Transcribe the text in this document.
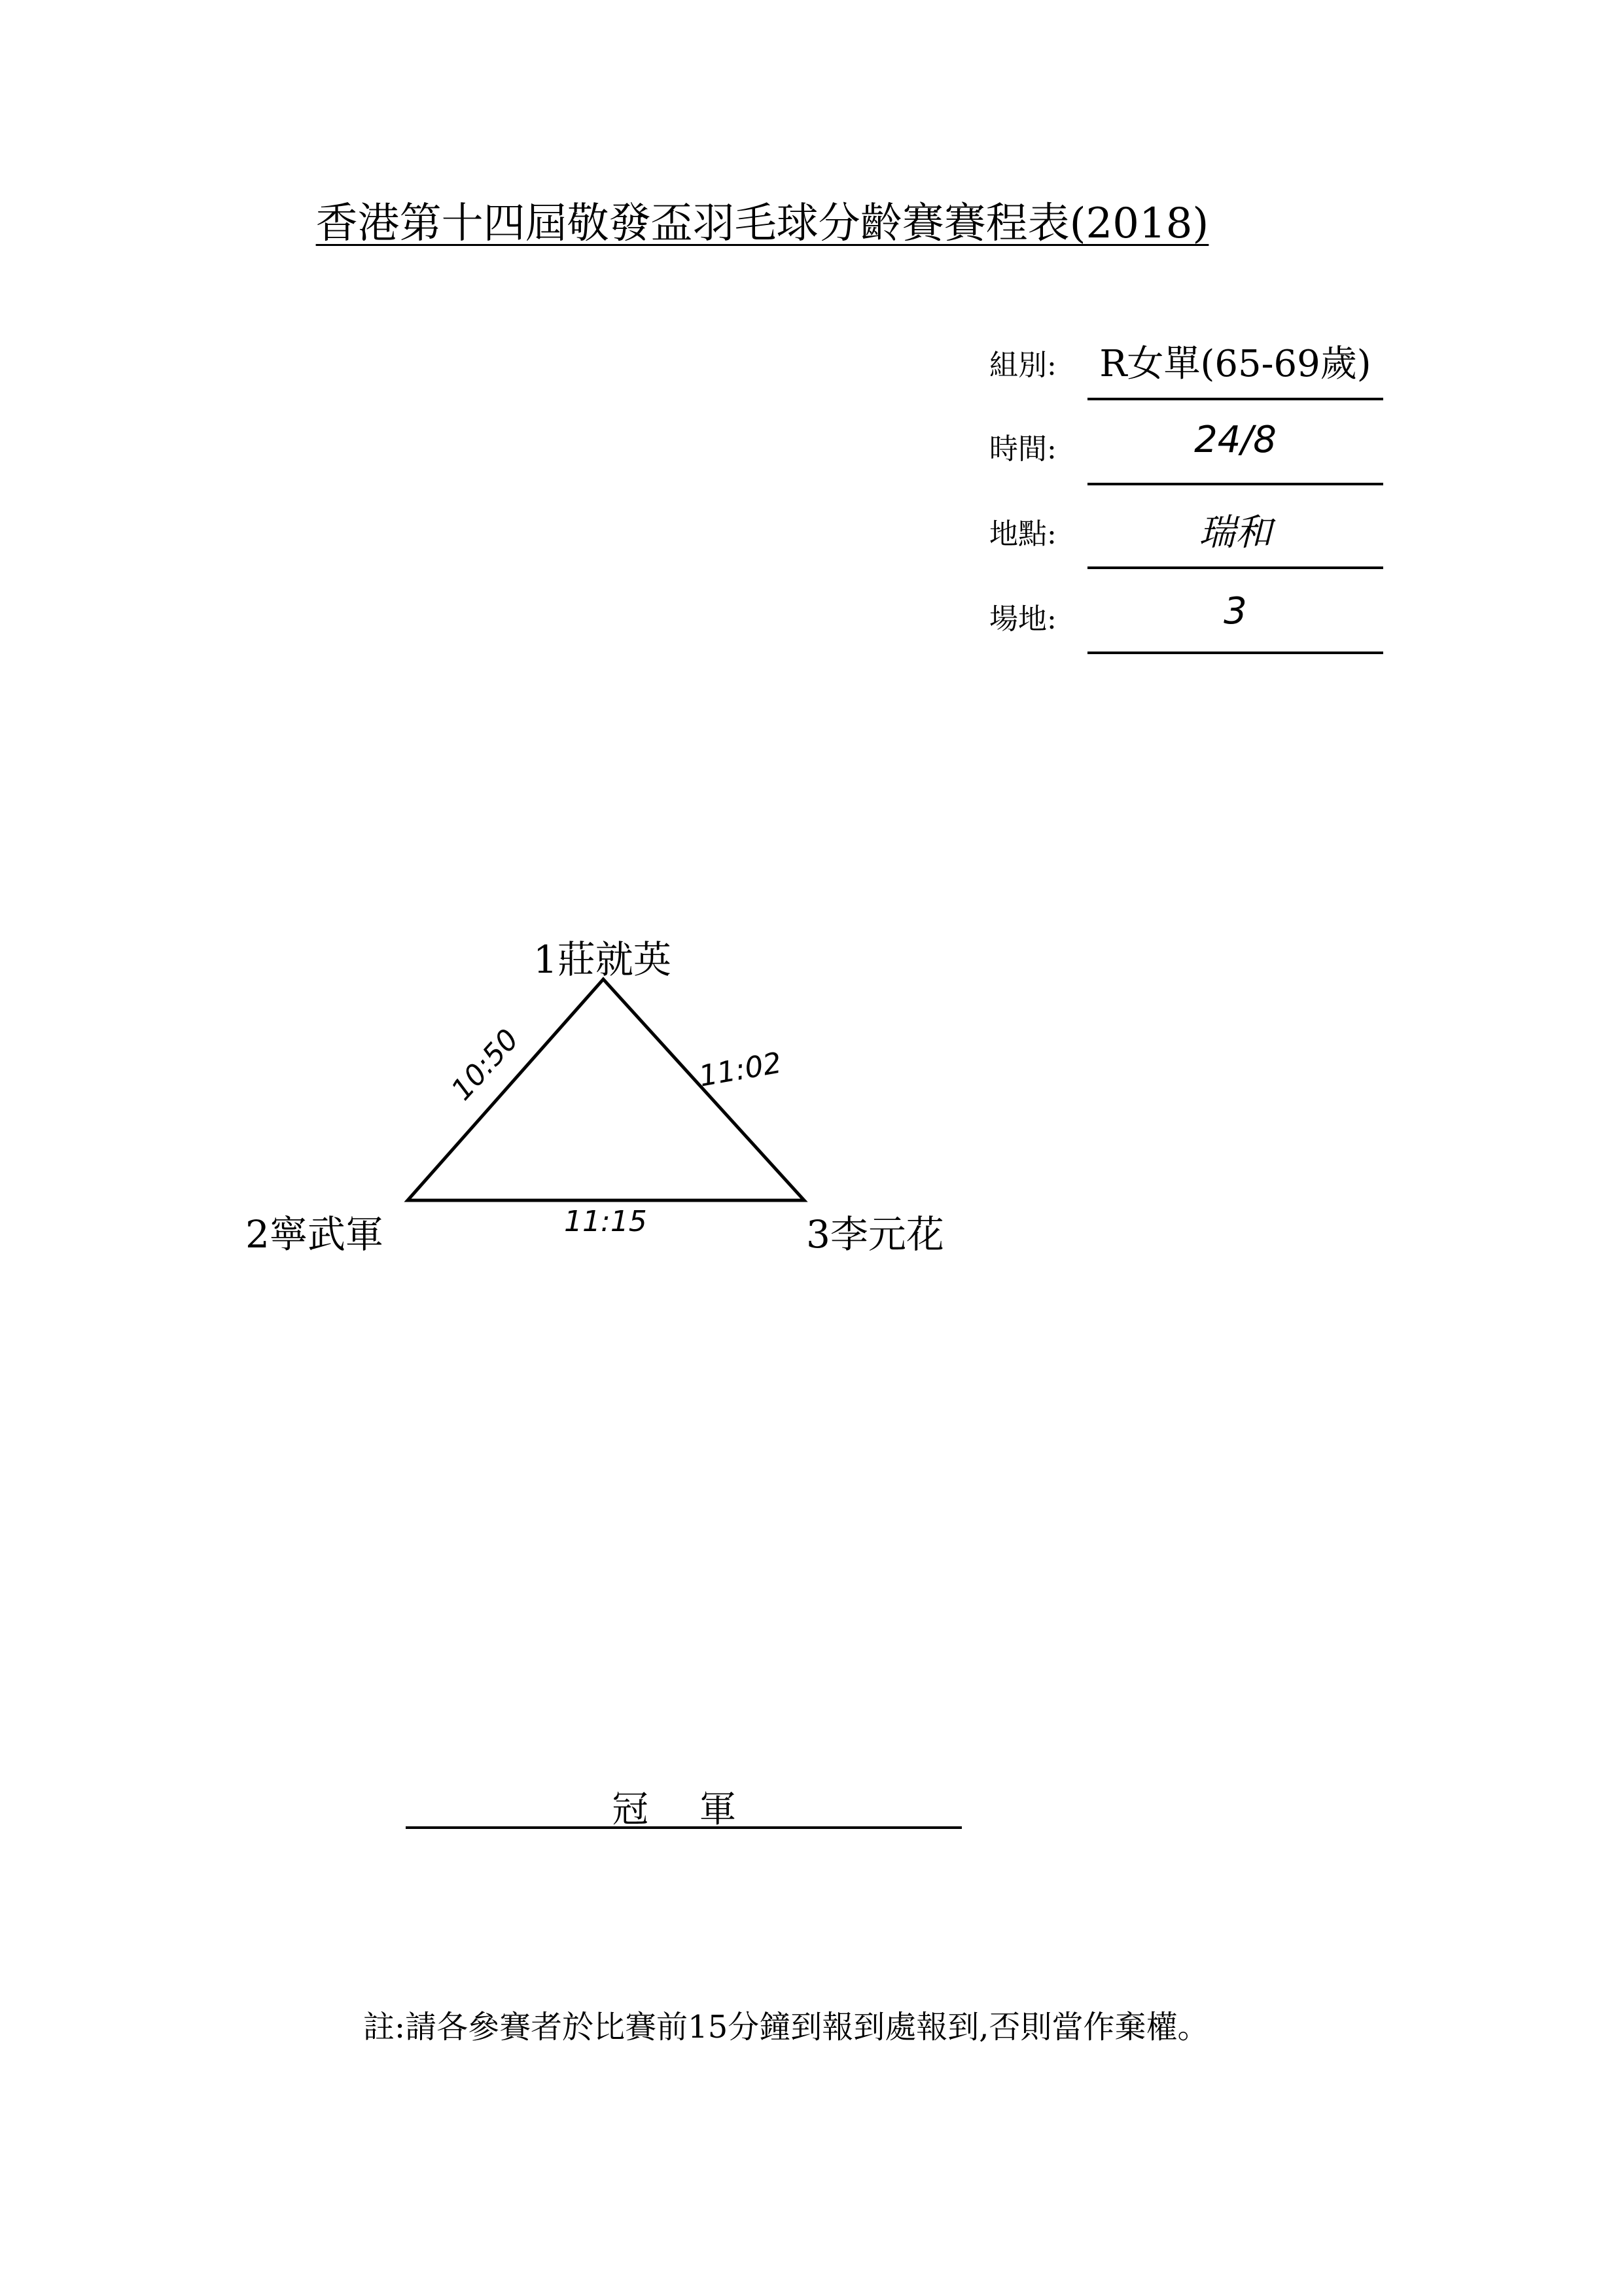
香港第十四屆敬發盃羽毛球分齡賽賽程表(2018)
組別:	R女單(65-69歲)
時間:	24/8
地點:	瑞和
場地:	3
1莊就英
2寧武軍	3李元花
10:50	11:02
11:15
冠 軍
註:請各參賽者於比賽前15分鐘到報到處報到,否則當作棄權。
